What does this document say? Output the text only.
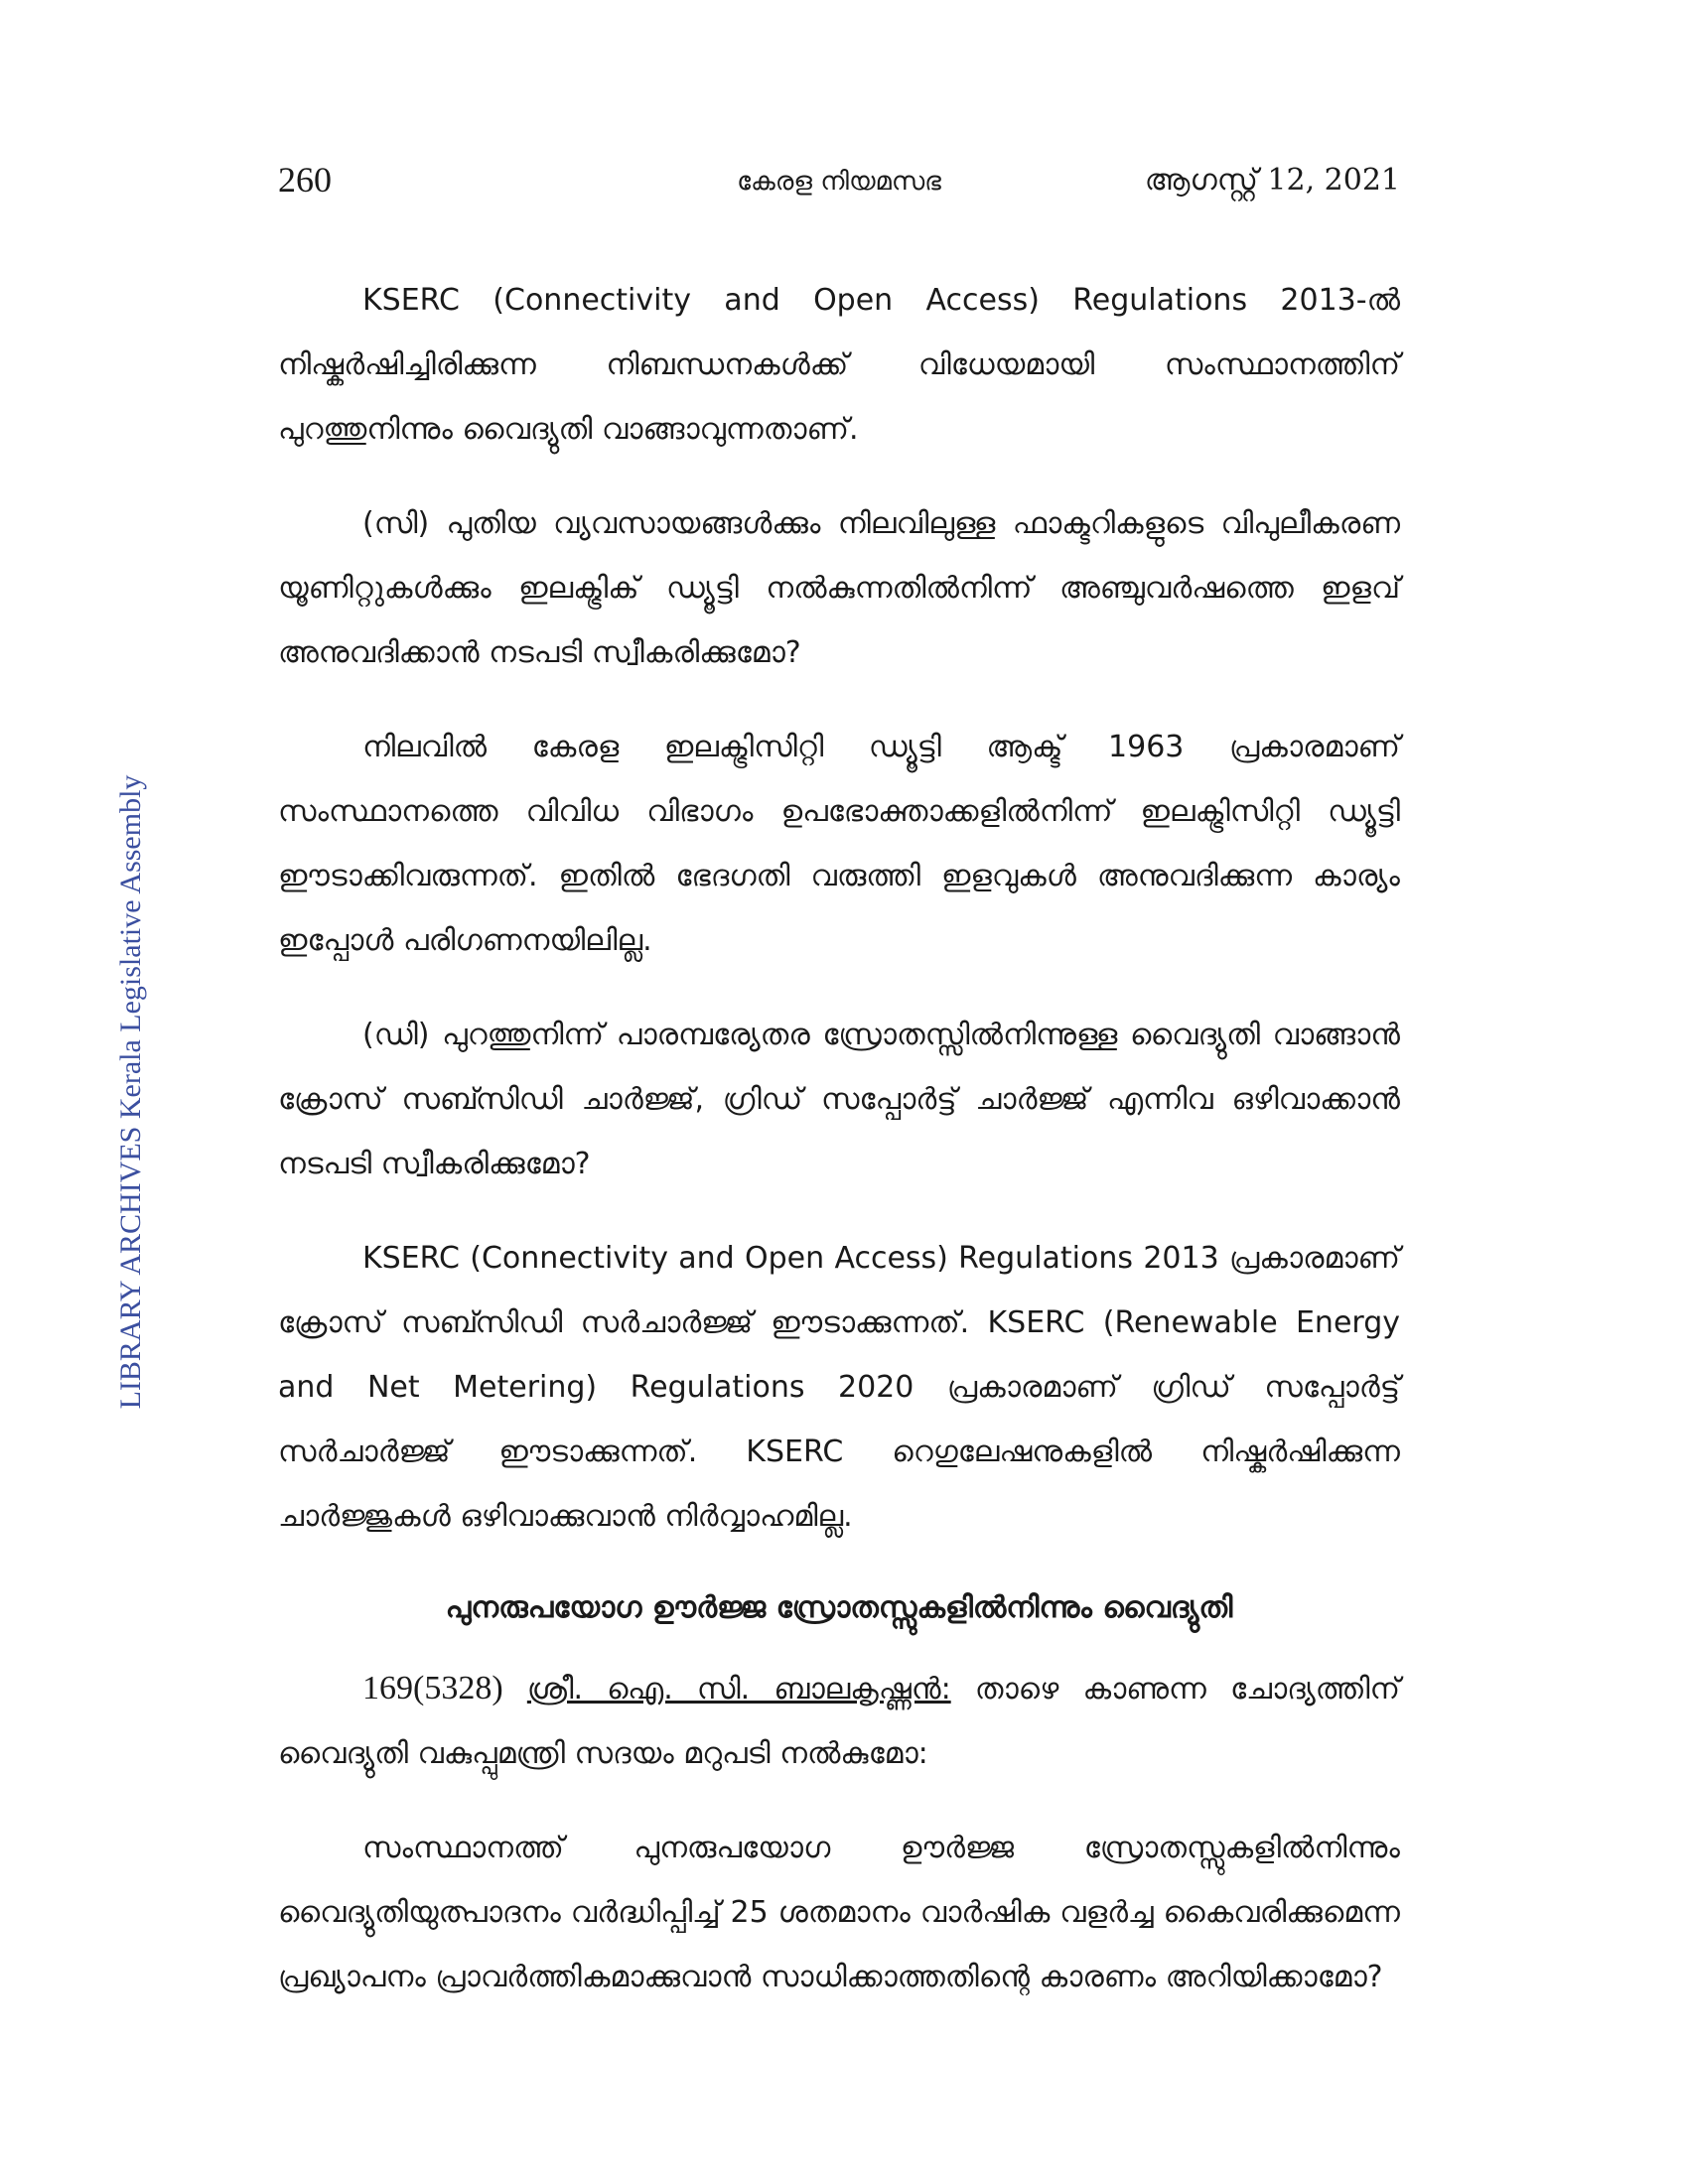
260	കേരള നിയമസഭ	ആഗസ്റ്റ് 12, 2021
LIBRARY ARCHIVES Kerala Legislative Assembly

KSERC (Connectivity and Open Access) Regulations 2013-ൽ നിഷ്കർഷിച്ചിരിക്കുന്ന നിബന്ധനകൾക്ക് വിധേയമായി സംസ്ഥാനത്തിന് പുറത്തുനിന്നും വൈദ്യുതി വാങ്ങാവുന്നതാണ്.

(സി) പുതിയ വ്യവസായങ്ങൾക്കും നിലവിലുള്ള ഫാക്ടറികളുടെ വിപുലീകരണ യൂണിറ്റുകൾക്കും ഇലക്ട്രിക് ഡ്യൂട്ടി നൽകുന്നതിൽനിന്ന് അഞ്ചുവർഷത്തെ ഇളവ് അനുവദിക്കാൻ നടപടി സ്വീകരിക്കുമോ?

നിലവിൽ കേരള ഇലക്ട്രിസിറ്റി ഡ്യൂട്ടി ആക്ട് 1963 പ്രകാരമാണ് സംസ്ഥാനത്തെ വിവിധ വിഭാഗം ഉപഭോക്താക്കളിൽനിന്ന് ഇലക്ട്രിസിറ്റി ഡ്യൂട്ടി ഈടാക്കിവരുന്നത്. ഇതിൽ ഭേദഗതി വരുത്തി ഇളവുകൾ അനുവദിക്കുന്ന കാര്യം ഇപ്പോൾ പരിഗണനയിലില്ല.

(ഡി) പുറത്തുനിന്ന് പാരമ്പര്യേതര സ്രോതസ്സിൽനിന്നുള്ള വൈദ്യുതി വാങ്ങാൻ ക്രോസ് സബ്സിഡി ചാർജ്ജ്, ഗ്രിഡ് സപ്പോർട്ട് ചാർജ്ജ് എന്നിവ ഒഴിവാക്കാൻ നടപടി സ്വീകരിക്കുമോ?

KSERC (Connectivity and Open Access) Regulations 2013 പ്രകാരമാണ് ക്രോസ് സബ്സിഡി സർചാർജ്ജ് ഈടാക്കുന്നത്. KSERC (Renewable Energy and Net Metering) Regulations 2020 പ്രകാരമാണ് ഗ്രിഡ് സപ്പോർട്ട് സർചാർജ്ജ് ഈടാക്കുന്നത്. KSERC റെഗുലേഷനുകളിൽ നിഷ്കർഷിക്കുന്ന ചാർജ്ജുകൾ ഒഴിവാക്കുവാൻ നിർവ്വാഹമില്ല.

പുനരുപയോഗ ഊർജ്ജ സ്രോതസ്സുകളിൽനിന്നും വൈദ്യുതി

169(5328) ശ്രീ. ഐ. സി. ബാലകൃഷ്ണൻ: താഴെ കാണുന്ന ചോദ്യത്തിന് വൈദ്യുതി വകുപ്പുമന്ത്രി സദയം മറുപടി നൽകുമോ:

സംസ്ഥാനത്ത് പുനരുപയോഗ ഊർജ്ജ സ്രോതസ്സുകളിൽനിന്നും വൈദ്യുതിയുത്പാദനം വർദ്ധിപ്പിച്ച് 25 ശതമാനം വാർഷിക വളർച്ച കൈവരിക്കുമെന്ന പ്രഖ്യാപനം പ്രാവർത്തികമാക്കുവാൻ സാധിക്കാത്തതിന്റെ കാരണം അറിയിക്കാമോ?
